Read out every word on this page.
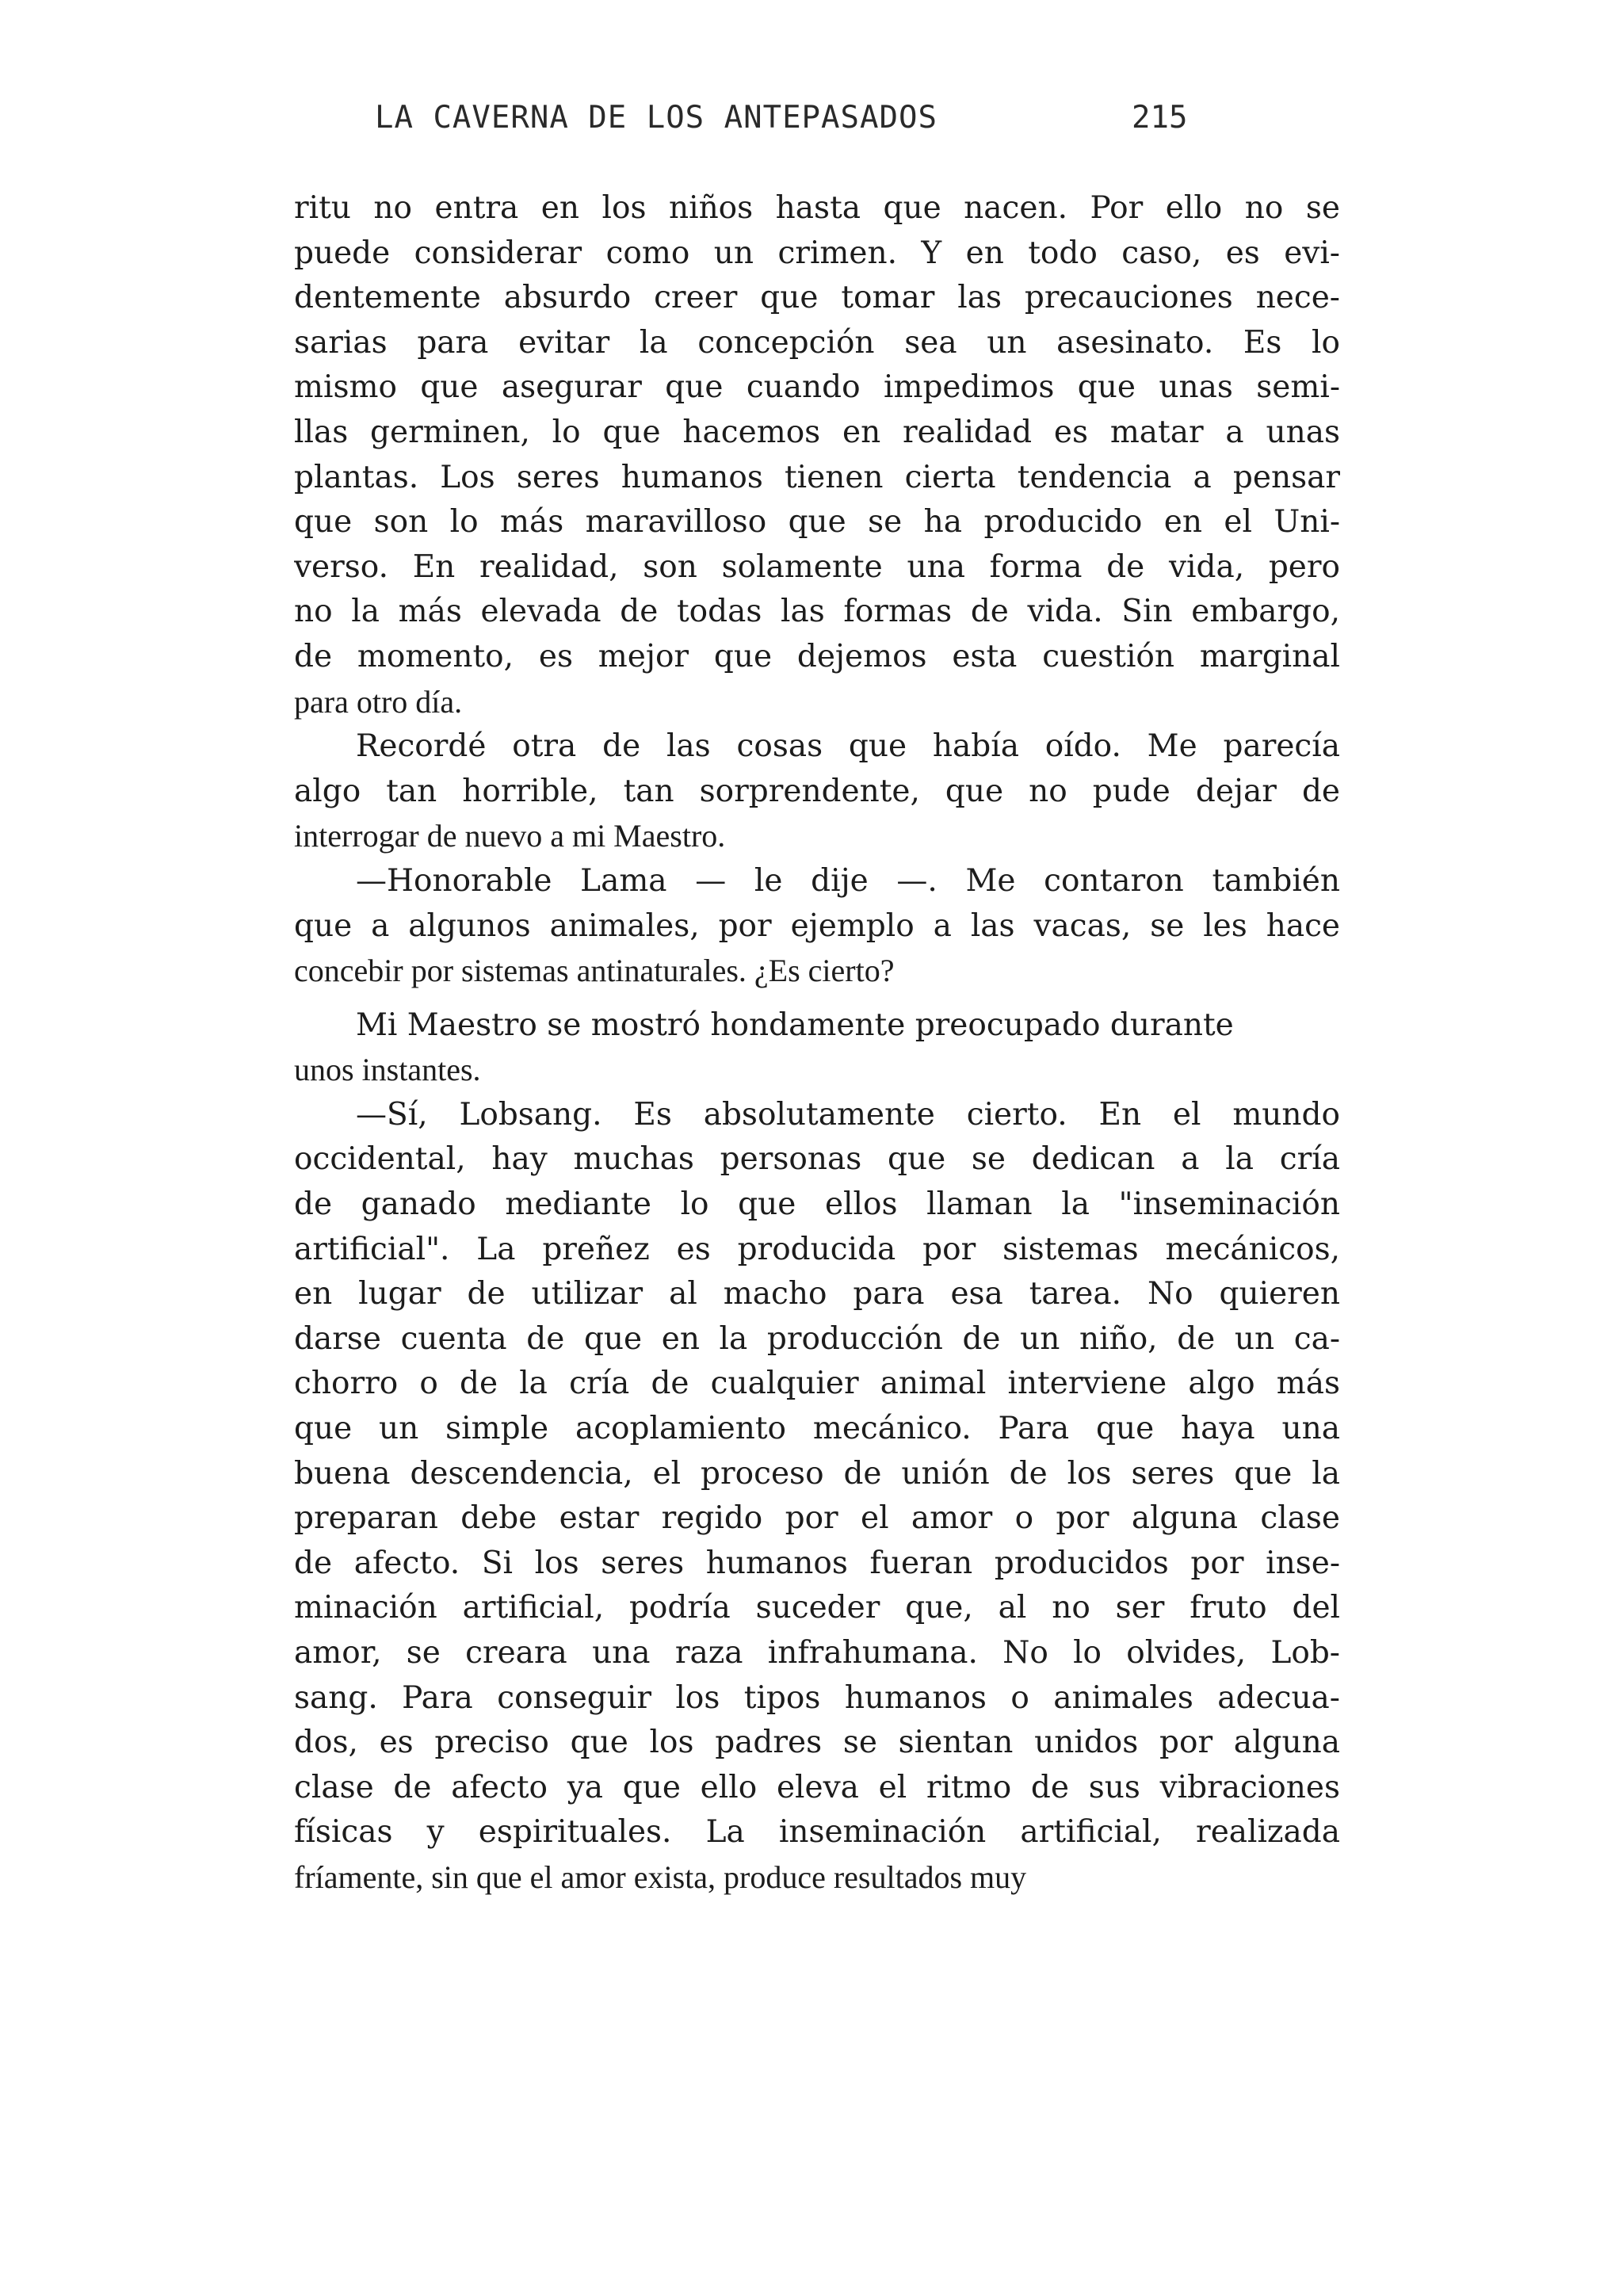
LA CAVERNA DE LOS ANTEPASADOS	215
ritu no entra en los niños hasta que nacen. Por ello no se
puede considerar como un crimen. Y en todo caso, es evi-
dentemente absurdo creer que tomar las precauciones nece-
sarias para evitar la concepción sea un asesinato. Es lo
mismo que asegurar que cuando impedimos que unas semi-
llas germinen, lo que hacemos en realidad es matar a unas
plantas. Los seres humanos tienen cierta tendencia a pensar
que son lo más maravilloso que se ha producido en el Uni-
verso. En realidad, son solamente una forma de vida, pero
no la más elevada de todas las formas de vida. Sin embargo,
de momento, es mejor que dejemos esta cuestión marginal
para otro día.
Recordé otra de las cosas que había oído. Me parecía
algo tan horrible, tan sorprendente, que no pude dejar de
interrogar de nuevo a mi Maestro.
—Honorable Lama — le dije —. Me contaron también
que a algunos animales, por ejemplo a las vacas, se les hace
concebir por sistemas antinaturales. ¿Es cierto?
Mi Maestro se mostró hondamente preocupado durante
unos instantes.
—Sí, Lobsang. Es absolutamente cierto. En el mundo
occidental, hay muchas personas que se dedican a la cría
de ganado mediante lo que ellos llaman la "inseminación
artificial". La preñez es producida por sistemas mecánicos,
en lugar de utilizar al macho para esa tarea. No quieren
darse cuenta de que en la producción de un niño, de un ca-
chorro o de la cría de cualquier animal interviene algo más
que un simple acoplamiento mecánico. Para que haya una
buena descendencia, el proceso de unión de los seres que la
preparan debe estar regido por el amor o por alguna clase
de afecto. Si los seres humanos fueran producidos por inse-
minación artificial, podría suceder que, al no ser fruto del
amor, se creara una raza infrahumana. No lo olvides, Lob-
sang. Para conseguir los tipos humanos o animales adecua-
dos, es preciso que los padres se sientan unidos por alguna
clase de afecto ya que ello eleva el ritmo de sus vibraciones
físicas y espirituales. La inseminación artificial, realizada
fríamente, sin que el amor exista, produce resultados muy
